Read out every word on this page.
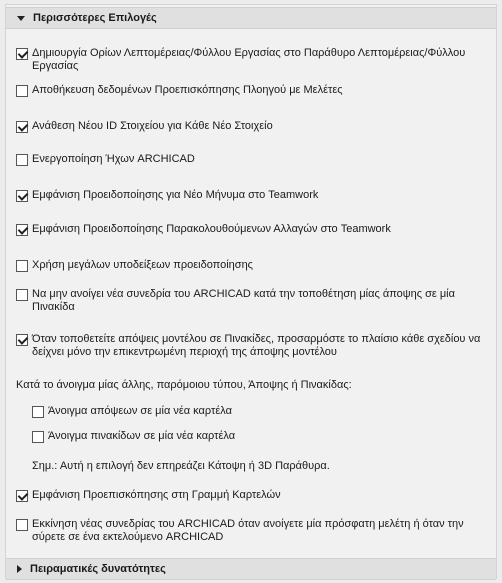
Περισσότερες Επιλογές
Δημιουργία Ορίων Λεπτομέρειας/Φύλλου Εργασίας στο Παράθυρο Λεπτομέρειας/Φύλλου Εργασίας
Αποθήκευση δεδομένων Προεπισκόπησης Πλοηγού με Μελέτες
Ανάθεση Νέου ID Στοιχείου για Κάθε Νέο Στοιχείο
Ενεργοποίηση Ήχων ARCHICAD
Εμφάνιση Προειδοποίησης για Νέο Μήνυμα στο Teamwork
Εμφάνιση Προειδοποίησης Παρακολουθούμενων Αλλαγών στο Teamwork
Χρήση μεγάλων υποδείξεων προειδοποίησης
Να μην ανοίγει νέα συνεδρία του ARCHICAD κατά την τοποθέτηση μίας άποψης σε μία Πινακίδα
Όταν τοποθετείτε απόψεις μοντέλου σε Πινακίδες, προσαρμόστε το πλαίσιο κάθε σχεδίου να δείχνει μόνο την επικεντρωμένη περιοχή της άποψης μοντέλου
Κατά το άνοιγμα μίας άλλης, παρόμοιου τύπου, Άποψης ή Πινακίδας:
Άνοιγμα απόψεων σε μία νέα καρτέλα
Άνοιγμα πινακίδων σε μία νέα καρτέλα
Σημ.: Αυτή η επιλογή δεν επηρεάζει Κάτοψη ή 3D Παράθυρα.
Εμφάνιση Προεπισκόπησης στη Γραμμή Καρτελών
Εκκίνηση νέας συνεδρίας του ARCHICAD όταν ανοίγετε μία πρόσφατη μελέτη ή όταν την σύρετε σε ένα εκτελούμενο ARCHICAD
Πειραματικές δυνατότητες
